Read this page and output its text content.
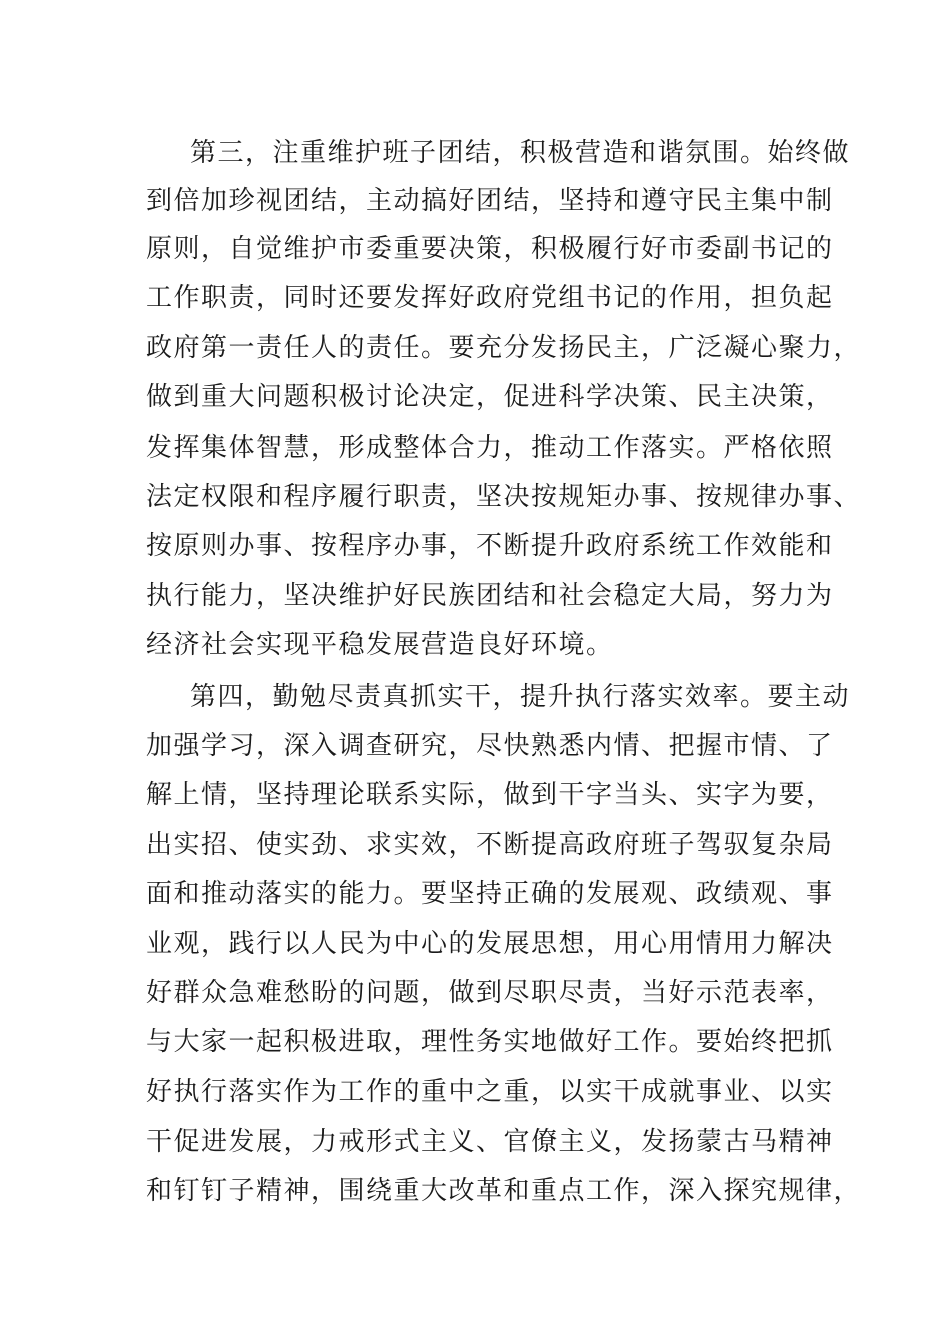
第三，注重维护班子团结，积极营造和谐氛围。始终做
到倍加珍视团结，主动搞好团结，坚持和遵守民主集中制
原则，自觉维护市委重要决策，积极履行好市委副书记的
工作职责，同时还要发挥好政府党组书记的作用，担负起
政府第一责任人的责任。要充分发扬民主，广泛凝心聚力，
做到重大问题积极讨论决定，促进科学决策、民主决策，
发挥集体智慧，形成整体合力，推动工作落实。严格依照
法定权限和程序履行职责，坚决按规矩办事、按规律办事、
按原则办事、按程序办事，不断提升政府系统工作效能和
执行能力，坚决维护好民族团结和社会稳定大局，努力为
经济社会实现平稳发展营造良好环境。
第四，勤勉尽责真抓实干，提升执行落实效率。要主动
加强学习，深入调查研究，尽快熟悉内情、把握市情、了
解上情，坚持理论联系实际，做到干字当头、实字为要，
出实招、使实劲、求实效，不断提高政府班子驾驭复杂局
面和推动落实的能力。要坚持正确的发展观、政绩观、事
业观，践行以人民为中心的发展思想，用心用情用力解决
好群众急难愁盼的问题，做到尽职尽责，当好示范表率，
与大家一起积极进取，理性务实地做好工作。要始终把抓
好执行落实作为工作的重中之重，以实干成就事业、以实
干促进发展，力戒形式主义、官僚主义，发扬蒙古马精神
和钉钉子精神，围绕重大改革和重点工作，深入探究规律，
